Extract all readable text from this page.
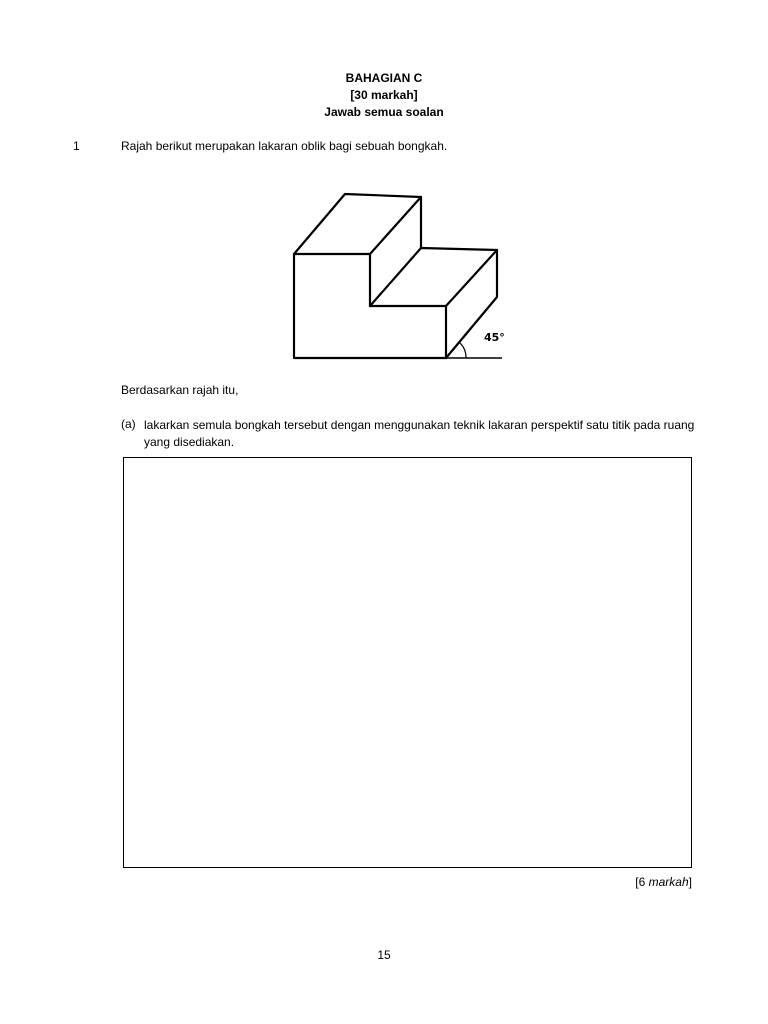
BAHAGIAN C
[30 markah]
Jawab semua soalan
1	Rajah berikut merupakan lakaran oblik bagi sebuah bongkah.
45°
Berdasarkan rajah itu,
(a) lakarkan semula bongkah tersebut dengan menggunakan teknik lakaran perspektif satu titik pada ruang yang disediakan.
[6 markah]
15
